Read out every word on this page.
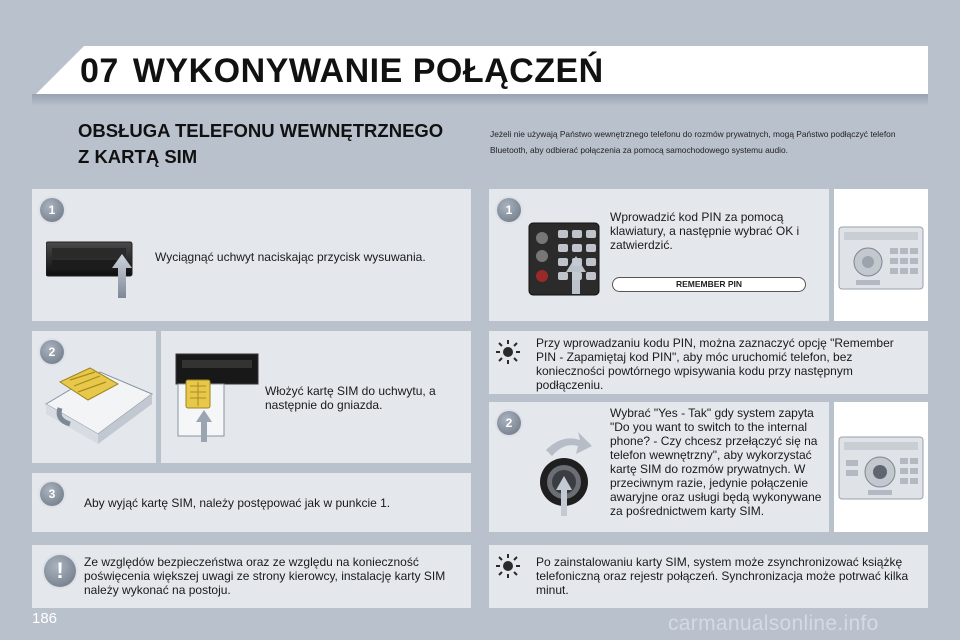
07 WYKONYWANIE POŁĄCZEŃ
OBSŁUGA TELEFONU WEWNĘTRZNEGO
Z KARTĄ SIM
Jeżeli nie używają Państwo wewnętrznego telefonu do rozmów prywatnych, mogą Państwo podłączyć telefon Bluetooth, aby odbierać połączenia za pomocą samochodowego systemu audio.
1
Wyciągnąć uchwyt naciskając przycisk wysuwania.
2
Włożyć kartę SIM do uchwytu, a następnie do gniazda.
3
Aby wyjąć kartę SIM, należy postępować jak w punkcie 1.
!	Ze względów bezpieczeństwa oraz ze względu na konieczność poświęcenia większej uwagi ze strony kierowcy, instalację karty SIM należy wykonać na postoju.
1	Wprowadzić kod PIN za pomocą klawiatury, a następnie wybrać OK i zatwierdzić.
REMEMBER PIN
Przy wprowadzaniu kodu PIN, można zaznaczyć opcję "Remember PIN - Zapamiętaj kod PIN", aby móc uruchomić telefon, bez konieczności powtórnego wpisywania kodu przy następnym podłączeniu.
2
Wybrać "Yes - Tak" gdy system zapyta "Do you want to switch to the internal phone? - Czy chcesz przełączyć się na telefon wewnętrzny", aby wykorzystać kartę SIM do rozmów prywatnych. W przeciwnym razie, jedynie połączenie awaryjne oraz usługi będą wykonywane za pośrednictwem karty SIM.
Po zainstalowaniu karty SIM, system może zsynchronizować książkę telefoniczną oraz rejestr połączeń. Synchronizacja może potrwać kilka minut.
186	carmanualsonline.info
